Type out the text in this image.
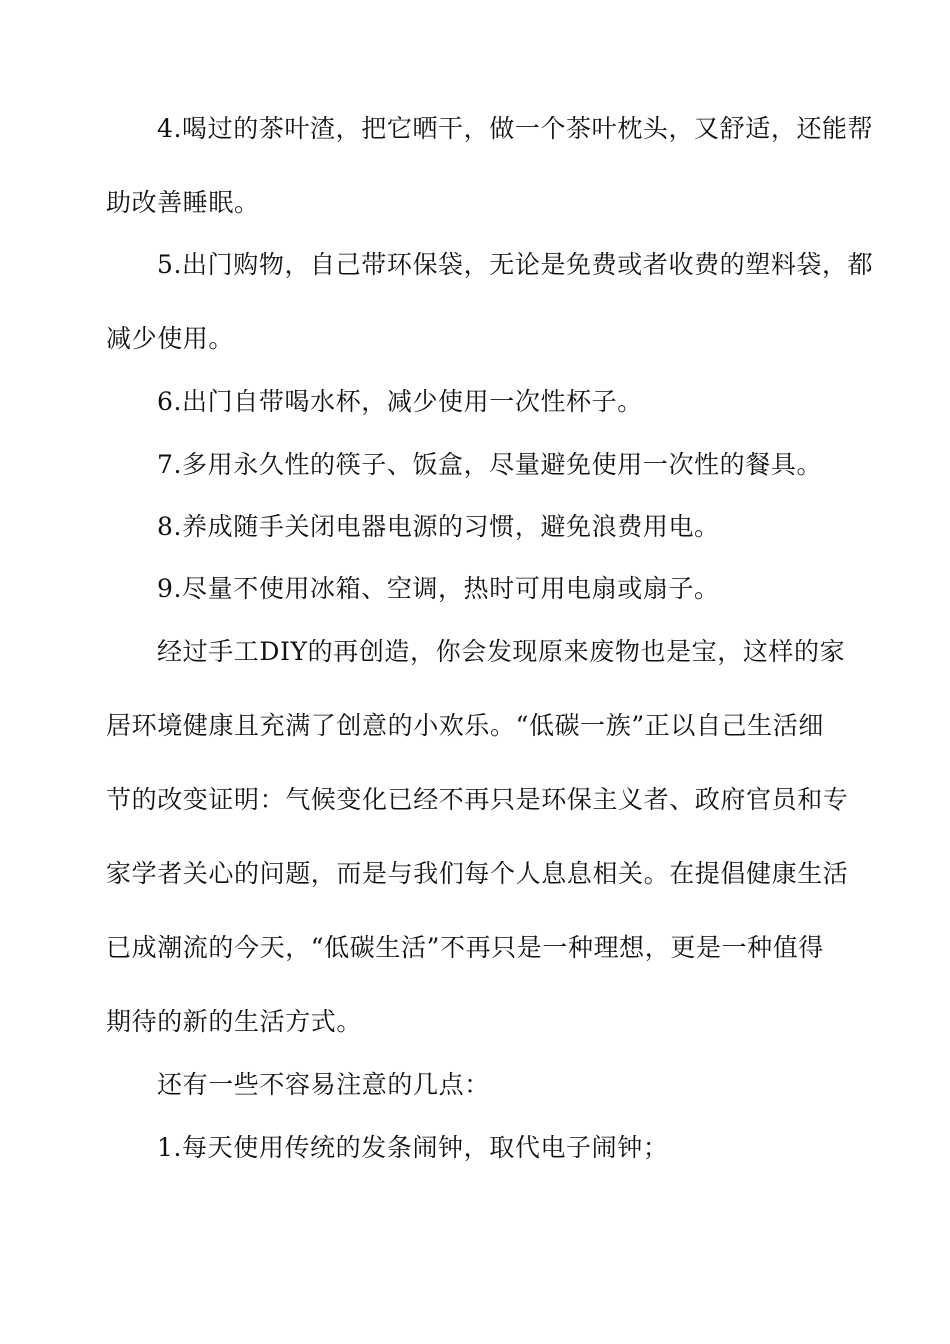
4.喝过的茶叶渣，把它晒干，做一个茶叶枕头，又舒适，还能帮
助改善睡眠。
5.出门购物，自己带环保袋，无论是免费或者收费的塑料袋，都
减少使用。
6.出门自带喝水杯，减少使用一次性杯子。
7.多用永久性的筷子、饭盒，尽量避免使用一次性的餐具。
8.养成随手关闭电器电源的习惯，避免浪费用电。
9.尽量不使用冰箱、空调，热时可用电扇或扇子。
经过手工DIY的再创造，你会发现原来废物也是宝，这样的家
居环境健康且充满了创意的小欢乐。“低碳一族”正以自己生活细
节的改变证明：气候变化已经不再只是环保主义者、政府官员和专
家学者关心的问题，而是与我们每个人息息相关。在提倡健康生活
已成潮流的今天，“低碳生活”不再只是一种理想，更是一种值得
期待的新的生活方式。
还有一些不容易注意的几点：
1.每天使用传统的发条闹钟，取代电子闹钟；
